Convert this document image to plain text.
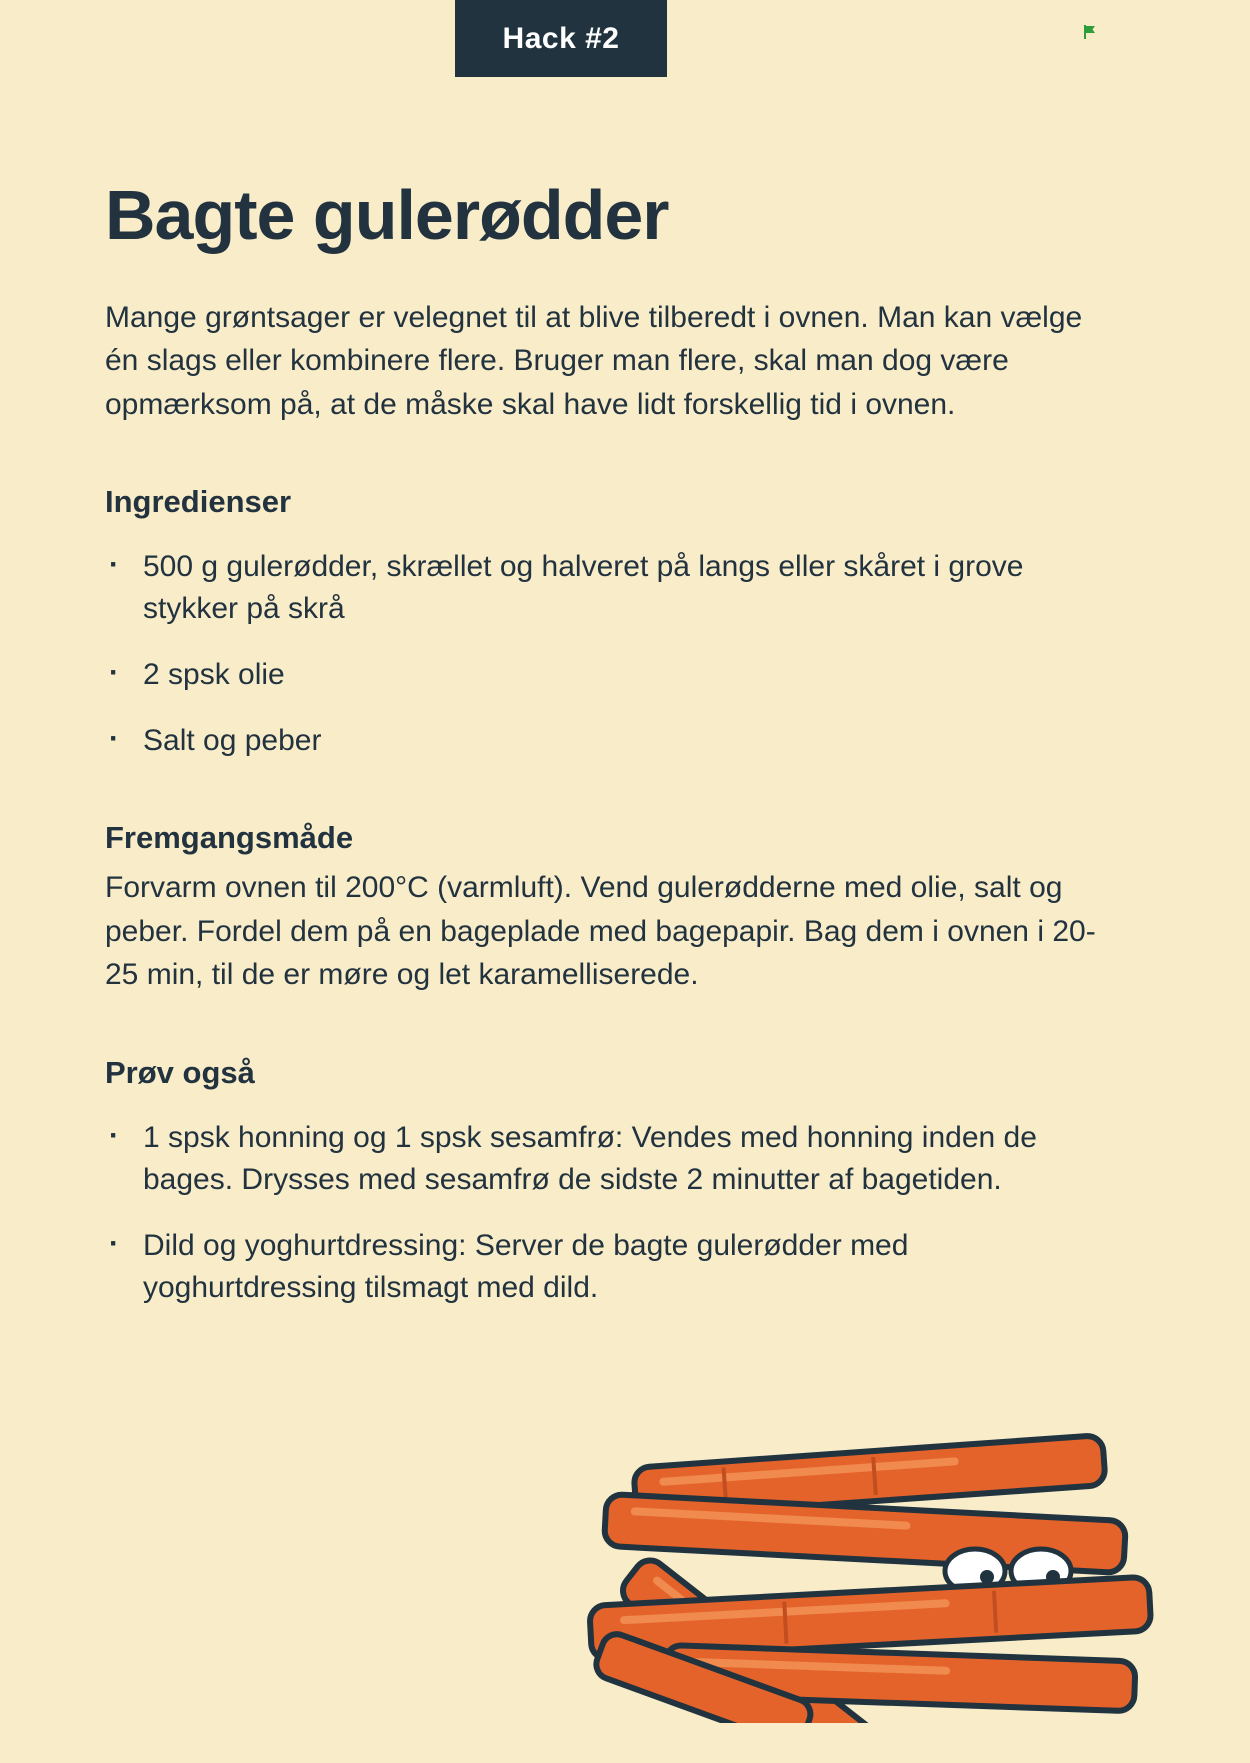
Hack #2
Bagte gulerødder

Mange grøntsager er velegnet til at blive tilberedt i ovnen. Man kan vælge én slags eller kombinere flere. Bruger man flere, skal man dog være opmærksom på, at de måske skal have lidt forskellig tid i ovnen.

Ingredienser
· 500 g gulerødder, skrællet og halveret på langs eller skåret i grove stykker på skrå
· 2 spsk olie
· Salt og peber
Fremgangsmåde

Forvarm ovnen til 200°C (varmluft). Vend gulerødderne med olie, salt og peber. Fordel dem på en bageplade med bagepapir. Bag dem i ovnen i 20-25 min, til de er møre og let karamelliserede.

Prøv også
· 1 spsk honning og 1 spsk sesamfrø: Vendes med honning inden de bages. Drysses med sesamfrø de sidste 2 minutter af bagetiden.
· Dild og yoghurtdressing: Server de bagte gulerødder med yoghurtdressing tilsmagt med dild.
